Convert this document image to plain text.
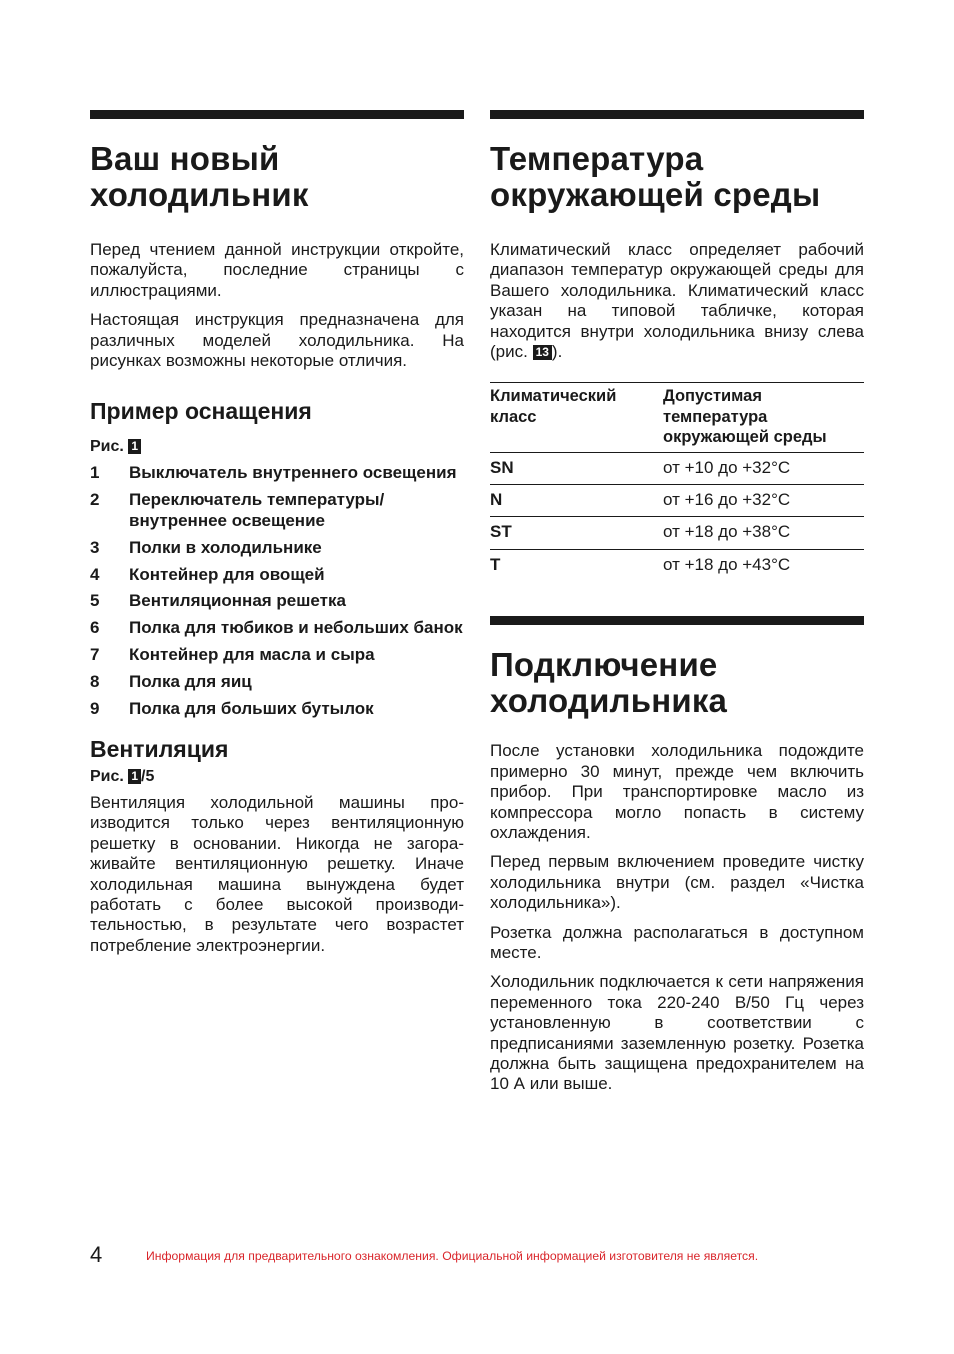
Ваш новый холодильник

Перед чтением данной инструкции откройте, пожалуйста, последние страницы с иллюстрациями.

Настоящая инструкция предназначена для различных моделей холодильника. На рисунках возможны некоторые отличия.

Пример оснащения
Рис. 1
1	Выключатель внутреннего освещения
2	Переключатель температуры/ внутреннее освещение
3	Полки в холодильнике
4	Контейнер для овощей
5	Вентиляционная решетка
6	Полка для тюбиков и небольших банок
7	Контейнер для масла и сыра
8	Полка для яиц
9	Полка для больших бутылок
Вентиляция
Рис. 1 /5

Вентиляция холодильной машины производится только через вентиляционную решетку в основании. Никогда не загораживайте вентиляционную решетку. Иначе холодильная машина вынуждена будет работать с более высокой производительностью, в результате чего возрастет потребление электроэнергии.

Температура окружающей среды

Климатический класс определяет рабочий диапазон температур окружающей среды для Вашего холодильника. Климатический класс указан на типовой табличке, которая находится внутри холодильника внизу слева (рис. 13 ).

Климатический класс	Допустимая температура окружающей среды
SN	от +10 до +32°C
N	от +16 до +32°C
ST	от +18 до +38°C
T	от +18 до +43°C
Подключение холодильника

После установки холодильника подождите примерно 30 минут, прежде чем включить прибор. При транспортировке масло из компрессора могло попасть в систему охлаждения.

Перед первым включением проведите чистку холодильника внутри (см. раздел «Чистка холодильника»).

Розетка должна располагаться в доступном месте.

Холодильник подключается к сети напряжения переменного тока 220-240 В/50 Гц через установленную в соответствии с предписаниями заземленную розетку. Розетка должна быть защищена предохранителем на 10 А или выше.

4	Информация для предварительного ознакомления. Официальной информацией изготовителя не является.
